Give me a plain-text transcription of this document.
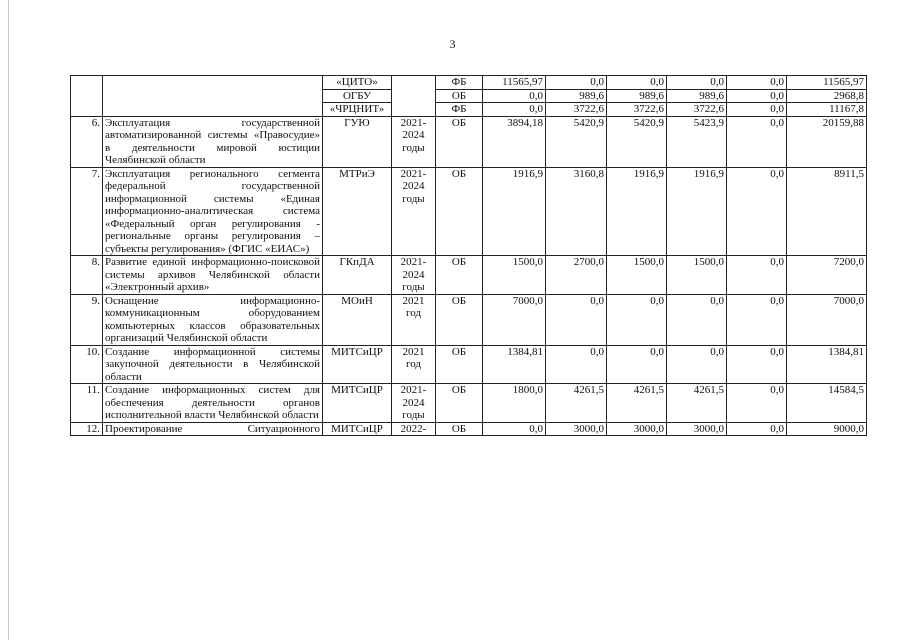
3
		«ЦИТО»		ФБ	11565,97	0,0	0,0	0,0	0,0	11565,97
		ОГБУ		ОБ	0,0	989,6	989,6	989,6	0,0	2968,8
		«ЧРЦНИТ»		ФБ	0,0	3722,6	3722,6	3722,6	0,0	11167,8
6.	Эксплуатация государственной автоматизированной системы «Правосудие» в деятельности мировой юстиции Челябинской области	ГУЮ	2021-2024 годы	ОБ	3894,18	5420,9	5420,9	5423,9	0,0	20159,88
7.	Эксплуатация регионального сегмента федеральной государственной информационной системы «Единая информационно-аналитическая система «Федеральный орган регулирования - региональные органы регулирования – субъекты регулирования» (ФГИС «ЕИАС»)	МТРиЭ	2021-2024 годы	ОБ	1916,9	3160,8	1916,9	1916,9	0,0	8911,5
8.	Развитие единой информационно-поисковой системы архивов Челябинской области «Электронный архив»	ГКпДА	2021-2024 годы	ОБ	1500,0	2700,0	1500,0	1500,0	0,0	7200,0
9.	Оснащение информационно-коммуникационным оборудованием компьютерных классов образовательных организаций Челябинской области	МОиН	2021 год	ОБ	7000,0	0,0	0,0	0,0	0,0	7000,0
10.	Создание информационной системы закупочной деятельности в Челябинской области	МИТСиЦР	2021 год	ОБ	1384,81	0,0	0,0	0,0	0,0	1384,81
11.	Создание информационных систем для обеспечения деятельности органов исполнительной власти Челябинской области	МИТСиЦР	2021-2024 годы	ОБ	1800,0	4261,5	4261,5	4261,5	0,0	14584,5
12.	Проектирование Ситуационного	МИТСиЦР	2022-	ОБ	0,0	3000,0	3000,0	3000,0	0,0	9000,0
